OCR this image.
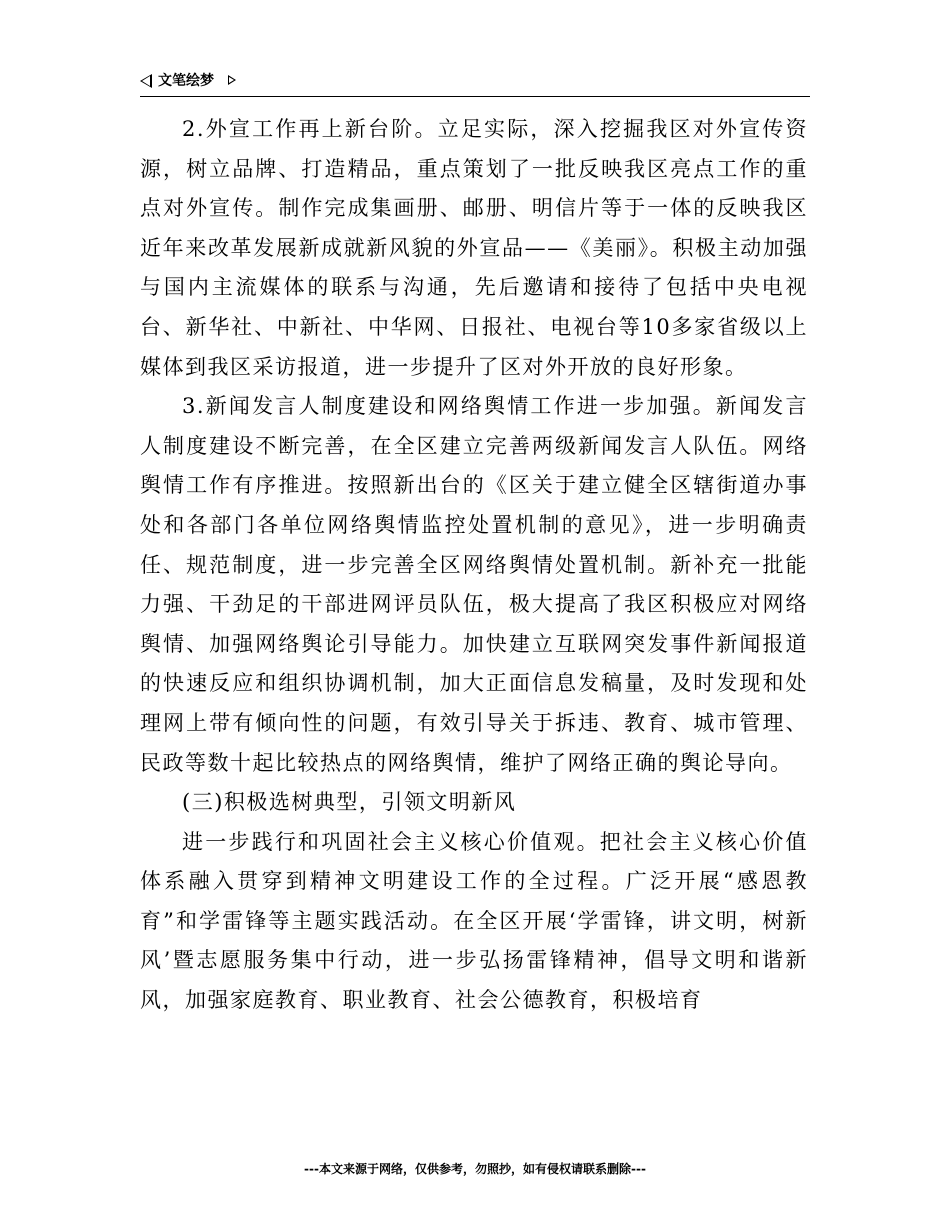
文笔绘梦

2.外宣工作再上新台阶。立足实际，深入挖掘我区对外宣传资源，树立品牌、打造精品，重点策划了一批反映我区亮点工作的重点对外宣传。制作完成集画册、邮册、明信片等于一体的反映我区近年来改革发展新成就新风貌的外宣品——《美丽》。积极主动加强与国内主流媒体的联系与沟通，先后邀请和接待了包括中央电视台、新华社、中新社、中华网、日报社、电视台等10多家省级以上媒体到我区采访报道，进一步提升了区对外开放的良好形象。

3.新闻发言人制度建设和网络舆情工作进一步加强。新闻发言人制度建设不断完善，在全区建立完善两级新闻发言人队伍。网络舆情工作有序推进。按照新出台的《区关于建立健全区辖街道办事处和各部门各单位网络舆情监控处置机制的意见》，进一步明确责任、规范制度，进一步完善全区网络舆情处置机制。新补充一批能力强、干劲足的干部进网评员队伍，极大提高了我区积极应对网络舆情、加强网络舆论引导能力。加快建立互联网突发事件新闻报道的快速反应和组织协调机制，加大正面信息发稿量，及时发现和处理网上带有倾向性的问题，有效引导关于拆违、教育、城市管理、民政等数十起比较热点的网络舆情，维护了网络正确的舆论导向。

(三)积极选树典型，引领文明新风

进一步践行和巩固社会主义核心价值观。把社会主义核心价值体系融入贯穿到精神文明建设工作的全过程。广泛开展“感恩教育”和学雷锋等主题实践活动。在全区开展‘学雷锋，讲文明，树新风’暨志愿服务集中行动，进一步弘扬雷锋精神，倡导文明和谐新风，加强家庭教育、职业教育、社会公德教育，积极培育

---本文来源于网络，仅供参考，勿照抄，如有侵权请联系删除---
